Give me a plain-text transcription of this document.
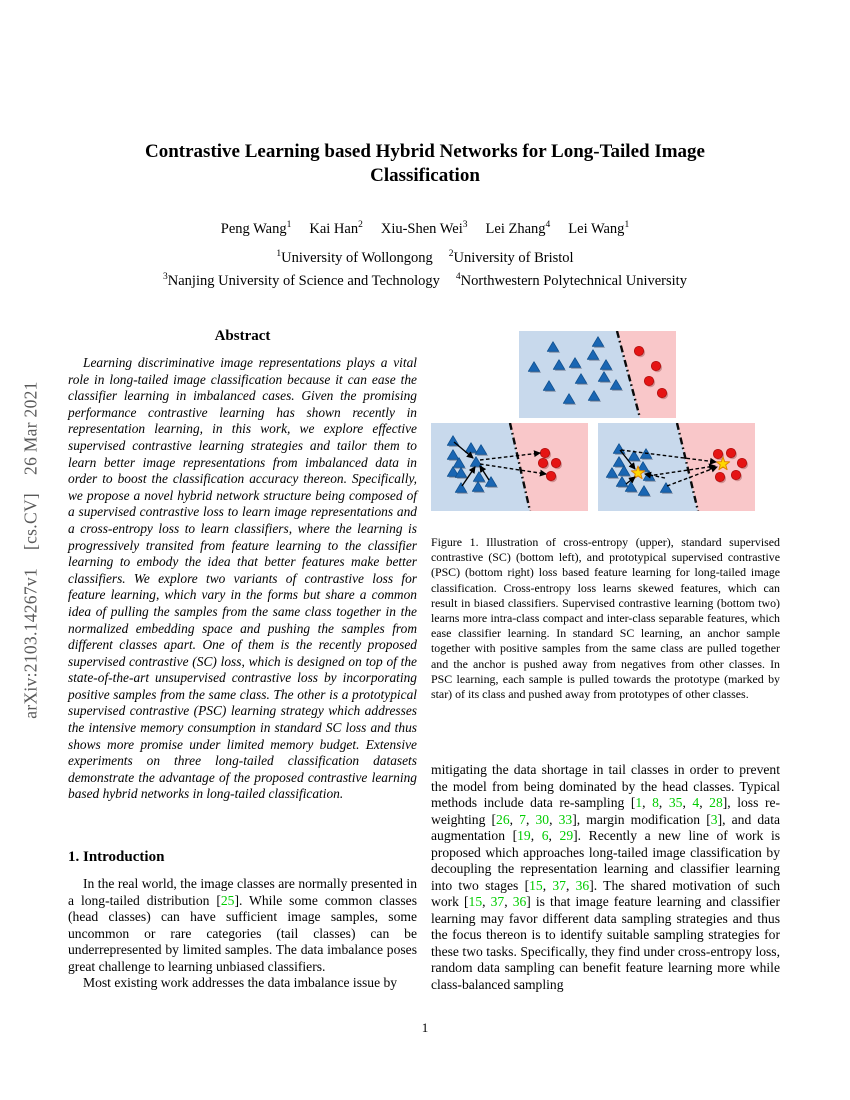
arXiv:2103.14267v1[cs.CV]26 Mar 2021
Contrastive Learning based Hybrid Networks for Long-Tailed Image Classification
Peng Wang$^1$ Kai Han$^2$ Xiu-Shen Wei$^3$ Lei Zhang$^4$ Lei Wang$^1$
$^1$University of Wollongong $^2$University of Bristol
$^3$Nanjing University of Science and Technology $^4$Northwestern Polytechnical University
Abstract

Learning discriminative image representations plays a vital role in long-tailed image classification because it can ease the classifier learning in imbalanced cases. Given the promising performance contrastive learning has shown recently in representation learning, in this work, we explore effective supervised contrastive learning strategies and tailor them to learn better image representations from imbalanced data in order to boost the classification accuracy thereon. Specifically, we propose a novel hybrid network structure being composed of a supervised contrastive loss to learn image representations and a cross-entropy loss to learn classifiers, where the learning is progressively transited from feature learning to the classifier learning to embody the idea that better features make better classifiers. We explore two variants of contrastive loss for feature learning, which vary in the forms but share a common idea of pulling the samples from the same class together in the normalized embedding space and pushing the samples from different classes apart. One of them is the recently proposed supervised contrastive (SC) loss, which is designed on top of the state-of-the-art unsupervised contrastive loss by incorporating positive samples from the same class. The other is a prototypical supervised contrastive (PSC) learning strategy which addresses the intensive memory consumption in standard SC loss and thus shows more promise under limited memory budget. Extensive experiments on three long-tailed classification datasets demonstrate the advantage of the proposed contrastive learning based hybrid networks in long-tailed classification.

1. Introduction

In the real world, the image classes are normally presented in a long-tailed distribution [25]. While some common classes (head classes) can have sufficient image samples, some uncommon or rare categories (tail classes) can be underrepresented by limited samples. The data imbalance poses great challenge to learning unbiased classifiers.

Most existing work addresses the data imbalance issue by

Figure 1. Illustration of cross-entropy (upper), standard supervised contrastive (SC) (bottom left), and prototypical supervised contrastive (PSC) (bottom right) loss based feature learning for long-tailed image classification. Cross-entropy loss learns skewed features, which can result in biased classifiers. Supervised contrastive learning (bottom two) learns more intra-class compact and inter-class separable features, which ease classifier learning. In standard SC learning, an anchor sample together with positive samples from the same class are pulled together and the anchor is pushed away from negatives from other classes. In PSC learning, each sample is pulled towards the prototype (marked by star) of its class and pushed away from prototypes of other classes.

mitigating the data shortage in tail classes in order to prevent the model from being dominated by the head classes. Typical methods include data re-sampling [1, 8, 35, 4, 28], loss re-weighting [26, 7, 30, 33], margin modification [3], and data augmentation [19, 6, 29]. Recently a new line of work is proposed which approaches long-tailed image classification by decoupling the representation learning and classifier learning into two stages [15, 37, 36]. The shared motivation of such work [15, 37, 36] is that image feature learning and classifier learning may favor different data sampling strategies and thus the focus thereon is to identify suitable sampling strategies for these two tasks. Specifically, they find under cross-entropy loss, random data sampling can benefit feature learning more while class-balanced sampling

1
